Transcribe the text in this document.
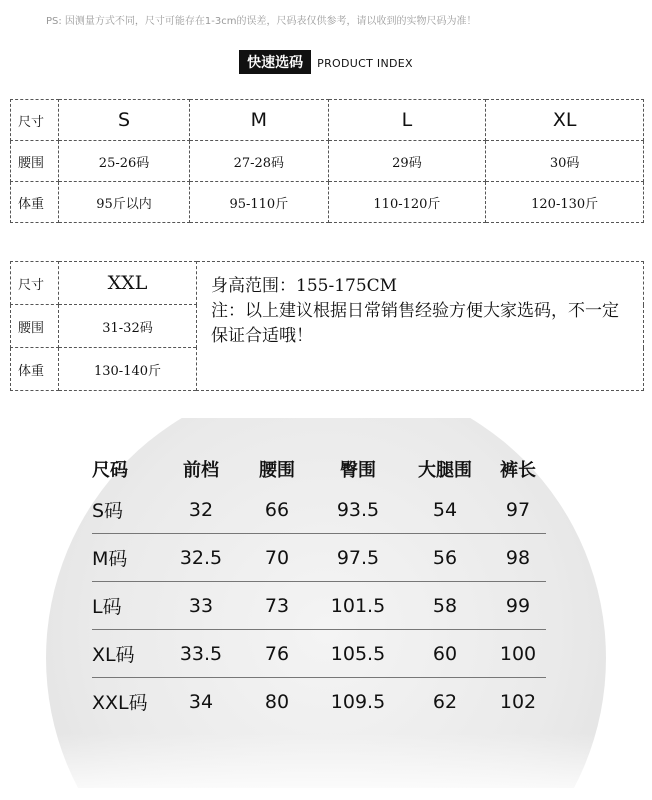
PS: 因测量方式不同，尺寸可能存在1-3cm的误差，尺码表仅供参考，请以收到的实物尺码为准！
快速选码 PRODUCT INDEX
尺寸	S	M	L	XL
腰围	25-26码	27-28码	29码	30码
体重	95斤以内	95-110斤	110-120斤	120-130斤
尺寸	XXL	身高范围：155-175CM
注：以上建议根据日常销售经验方便大家选码，不一定保证合适哦！

腰围	31-32码	
体重	130-140斤	
尺码	前档	腰围	臀围	大腿围	裤长
S码	32	66	93.5	54	97
M码	32.5	70	97.5	56	98
L码	33	73	101.5	58	99
XL码	33.5	76	105.5	60	100
XXL码	34	80	109.5	62	102
